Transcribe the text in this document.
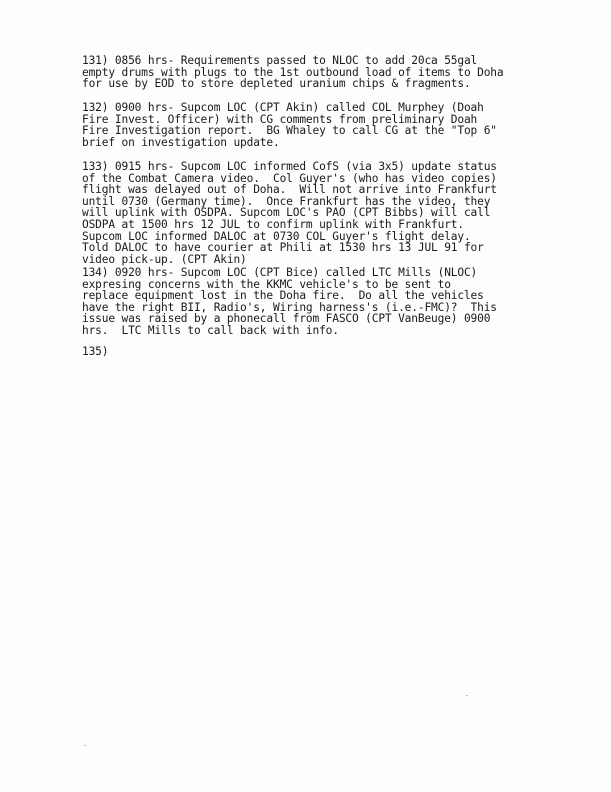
131) 0856 hrs- Requirements passed to NLOC to add 20ca 55gal
empty drums with plugs to the 1st outbound load of items to Doha
for use by EOD to store depleted uranium chips & fragments.
132) 0900 hrs- Supcom LOC (CPT Akin) called COL Murphey (Doah
Fire Invest. Officer) with CG comments from preliminary Doah
Fire Investigation report.  BG Whaley to call CG at the "Top 6"
brief on investigation update.
133) 0915 hrs- Supcom LOC informed CofS (via 3x5) update status
of the Combat Camera video.  Col Guyer's (who has video copies)
flight was delayed out of Doha.  Will not arrive into Frankfurt
until 0730 (Germany time).  Once Frankfurt has the video, they
will uplink with OSDPA. Supcom LOC's PAO (CPT Bibbs) will call
OSDPA at 1500 hrs 12 JUL to confirm uplink with Frankfurt.
Supcom LOC informed DALOC at 0730 COL Guyer's flight delay.
Told DALOC to have courier at Phili at 1530 hrs 13 JUL 91 for
video pick-up. (CPT Akin)
134) 0920 hrs- Supcom LOC (CPT Bice) called LTC Mills (NLOC)
expresing concerns with the KKMC vehicle's to be sent to
replace equipment lost in the Doha fire.  Do all the vehicles
have the right BII, Radio's, Wiring harness's (i.e.-FMC)?  This
issue was raised by a phonecall from FASCO (CPT VanBeuge) 0900
hrs.  LTC Mills to call back with info.
135)
